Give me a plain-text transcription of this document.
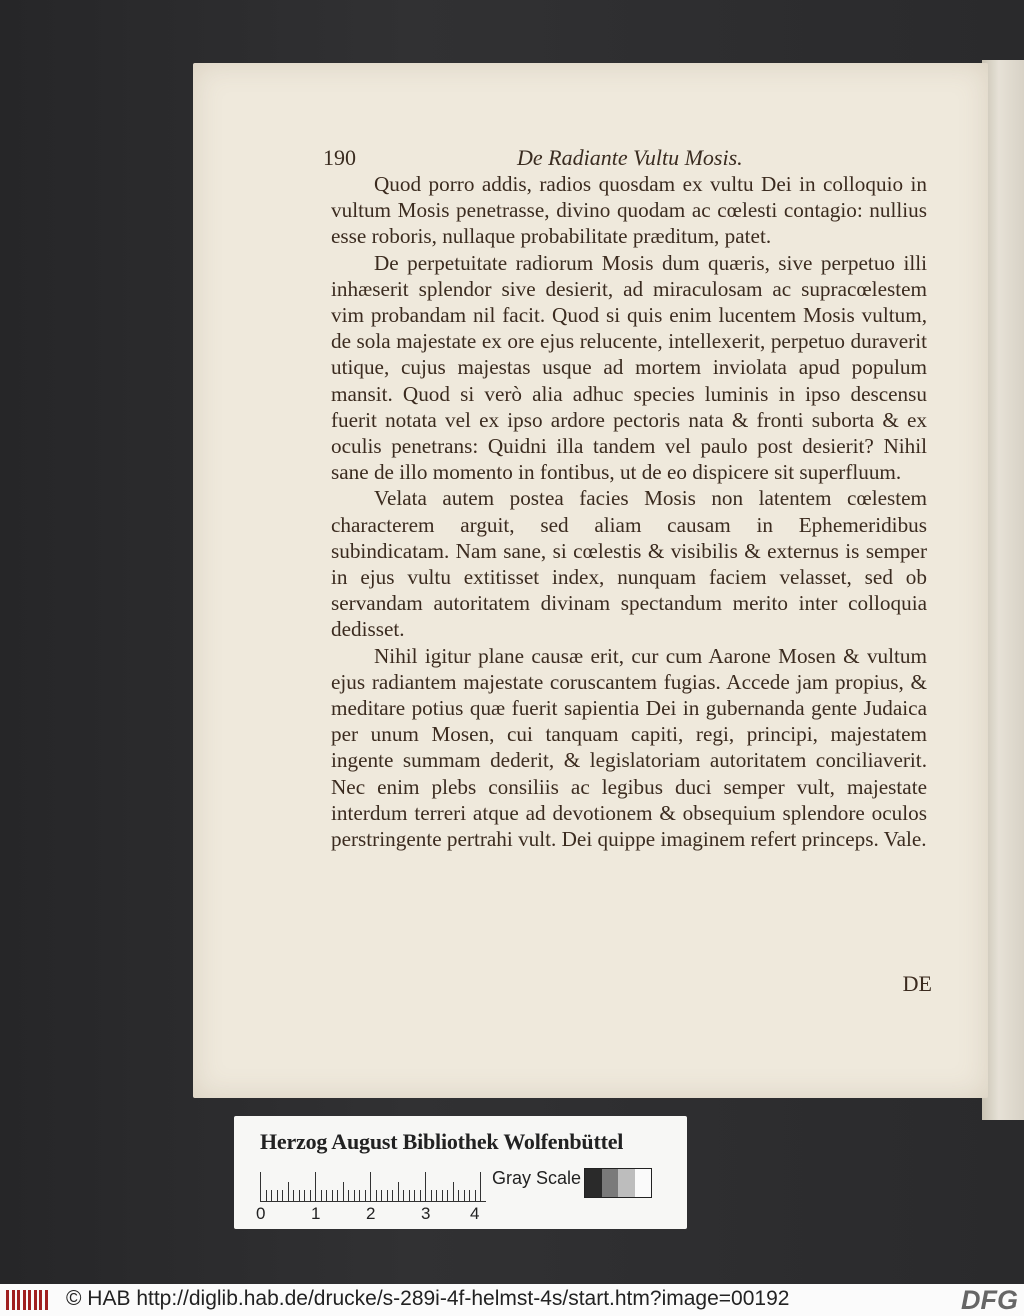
190	De Radiante Vultu Mosis.

Quod porro addis, radios quosdam ex vultu Dei in colloquio in vultum Mosis penetrasse, divino quodam ac cœlesti contagio: nullius esse roboris, nullaque probabilitate præditum, patet.

De perpetuitate radiorum Mosis dum quæris, sive perpetuo illi inhæserit splendor sive desierit, ad miraculosam ac supracœlestem vim probandam nil facit. Quod si quis enim lucentem Mosis vultum, de sola majestate ex ore ejus relucente, intellexerit, perpetuo duraverit utique, cujus majestas usque ad mortem inviolata apud populum mansit. Quod si verò alia adhuc species luminis in ipso descensu fuerit notata vel ex ipso ardore pectoris nata & fronti suborta & ex oculis penetrans: Quidni illa tandem vel paulo post desierit? Nihil sane de illo momento in fontibus, ut de eo dispicere sit superfluum.

Velata autem postea facies Mosis non latentem cœlestem characterem arguit, sed aliam causam in Ephemeridibus subindicatam. Nam sane, si cœlestis & visibilis & externus is semper in ejus vultu extitisset index, nunquam faciem velasset, sed ob servandam autoritatem divinam spectandum merito inter colloquia dedisset.

Nihil igitur plane causæ erit, cur cum Aarone Mosen & vultum ejus radiantem majestate coruscantem fugias. Accede jam propius, & meditare potius quæ fuerit sapientia Dei in gubernanda gente Judaica per unum Mosen, cui tanquam capiti, regi, principi, majestatem ingente summam dederit, & legislatoriam autoritatem conciliaverit. Nec enim plebs consiliis ac legibus duci semper vult, majestate interdum terreri atque ad devotionem & obsequium splendore oculos perstringente pertrahi vult. Dei quippe imaginem refert princeps. Vale.

DE
Herzog August Bibliothek Wolfenbüttel
0	1	2	3 4
Gray Scale
© HAB http://diglib.hab.de/drucke/s-289i-4f-helmst-4s/start.htm?image=00192	DFG
